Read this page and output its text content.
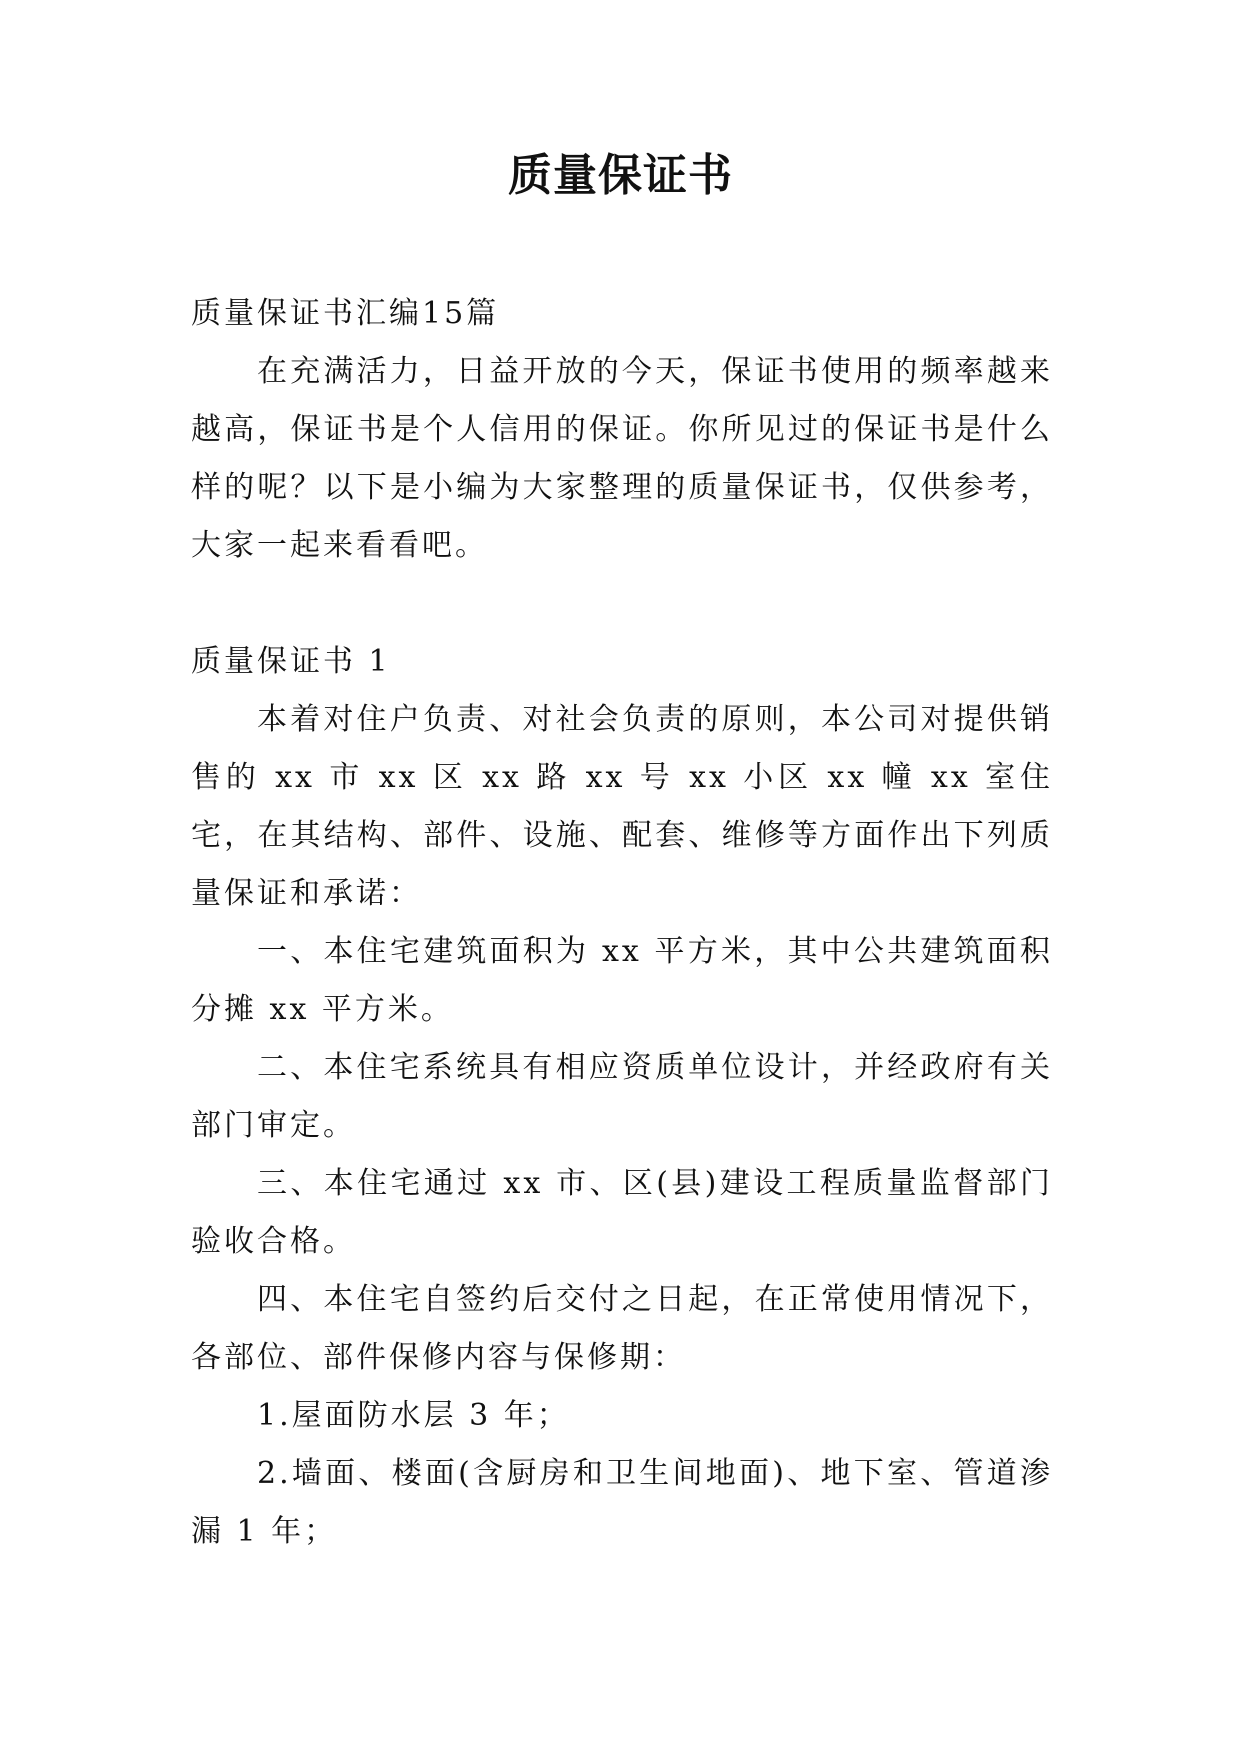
质量保证书

质量保证书汇编15篇

在充满活力，日益开放的今天，保证书使用的频率越来越高，保证书是个人信用的保证。你所见过的保证书是什么样的呢？以下是小编为大家整理的质量保证书，仅供参考，大家一起来看看吧。

质量保证书 1

本着对住户负责、对社会负责的原则，本公司对提供销售的 xx 市 xx 区 xx 路 xx 号 xx 小区 xx 幢 xx 室住宅，在其结构、部件、设施、配套、维修等方面作出下列质量保证和承诺：

一、本住宅建筑面积为 xx 平方米，其中公共建筑面积分摊 xx 平方米。

二、本住宅系统具有相应资质单位设计，并经政府有关部门审定。

三、本住宅通过 xx 市、区(县)建设工程质量监督部门验收合格。

四、本住宅自签约后交付之日起，在正常使用情况下，各部位、部件保修内容与保修期：

1.屋面防水层 3 年；

2.墙面、楼面(含厨房和卫生间地面)、地下室、管道渗漏 1 年；
